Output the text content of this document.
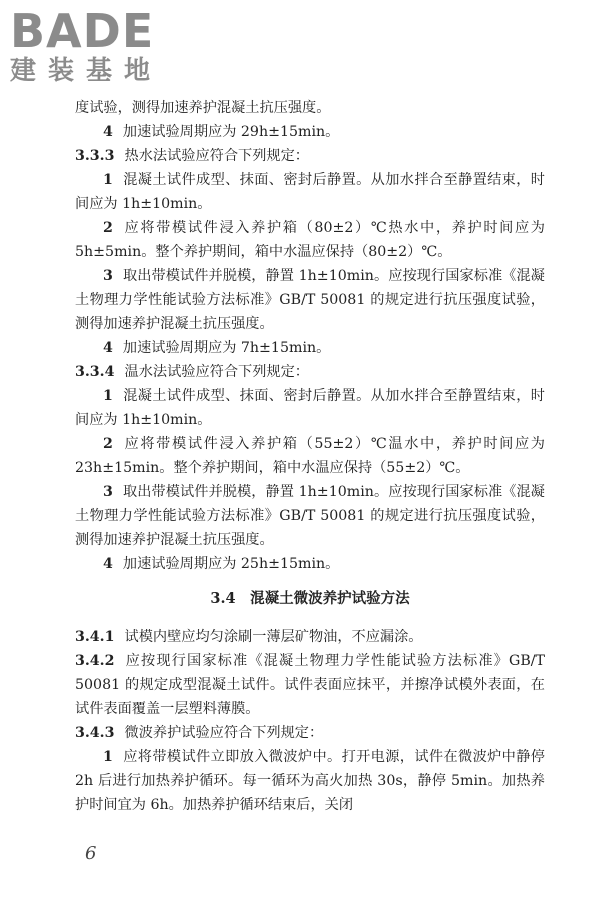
BADE
建装基地

度试验，测得加速养护混凝土抗压强度。

4 加速试验周期应为 29h±15min。

3.3.3 热水法试验应符合下列规定：

1 混凝土试件成型、抹面、密封后静置。从加水拌合至静置结束，时间应为 1h±10min。

2 应将带模试件浸入养护箱（80±2）℃热水中，养护时间应为 5h±5min。整个养护期间，箱中水温应保持（80±2）℃。

3 取出带模试件并脱模，静置 1h±10min。应按现行国家标准《混凝土物理力学性能试验方法标准》GB/T 50081 的规定进行抗压强度试验，测得加速养护混凝土抗压强度。

4 加速试验周期应为 7h±15min。

3.3.4 温水法试验应符合下列规定：

1 混凝土试件成型、抹面、密封后静置。从加水拌合至静置结束，时间应为 1h±10min。

2 应将带模试件浸入养护箱（55±2）℃温水中，养护时间应为 23h±15min。整个养护期间，箱中水温应保持（55±2）℃。

3 取出带模试件并脱模，静置 1h±10min。应按现行国家标准《混凝土物理力学性能试验方法标准》GB/T 50081 的规定进行抗压强度试验，测得加速养护混凝土抗压强度。

4 加速试验周期应为 25h±15min。

3.4　混凝土微波养护试验方法

3.4.1 试模内壁应均匀涂刷一薄层矿物油，不应漏涂。

3.4.2 应按现行国家标准《混凝土物理力学性能试验方法标准》GB/T 50081 的规定成型混凝土试件。试件表面应抹平，并擦净试模外表面，在试件表面覆盖一层塑料薄膜。

3.4.3 微波养护试验应符合下列规定：

1 应将带模试件立即放入微波炉中。打开电源，试件在微波炉中静停 2h 后进行加热养护循环。每一循环为高火加热 30s，静停 5min。加热养护时间宜为 6h。加热养护循环结束后，关闭

6
